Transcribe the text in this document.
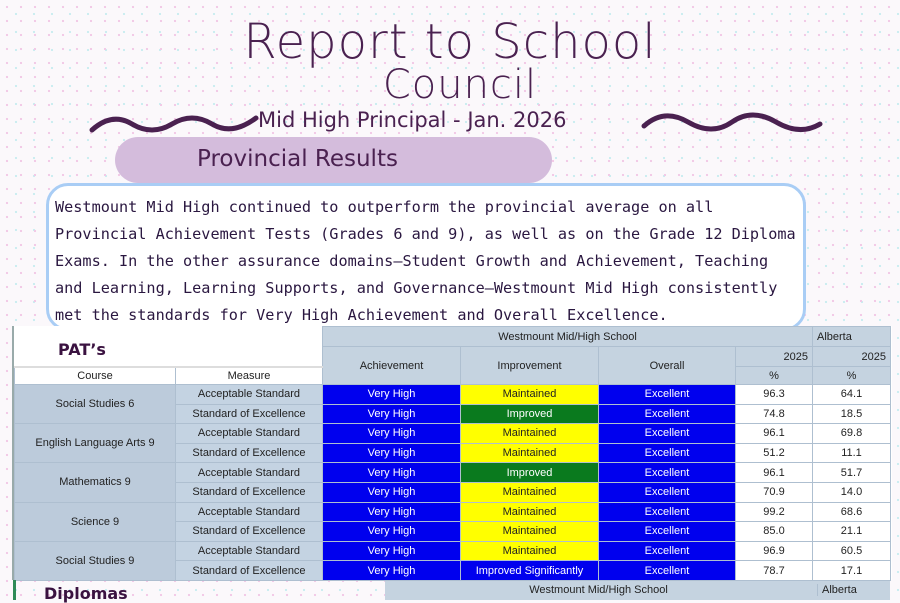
Report to School
Council
Mid High Principal - Jan. 2026
Provincial Results

Westmount Mid High continued to outperform the provincial average on all Provincial Achievement Tests (Grades 6 and 9), as well as on the Grade 12 Diploma Exams. In the other assurance domains—Student Growth and Achievement, Teaching and Learning, Learning Supports, and Governance—Westmount Mid High consistently met the standards for Very High Achievement and Overall Excellence.

		Westmount Mid/High School				Alberta
		Achievement	Improvement	Overall	2025	2025
Course	Measure				%	%
Social Studies 6	Acceptable Standard	Very High	Maintained	Excellent	96.3	64.1
	Standard of Excellence	Very High	Improved	Excellent	74.8	18.5
English Language Arts 9	Acceptable Standard	Very High	Maintained	Excellent	96.1	69.8
	Standard of Excellence	Very High	Maintained	Excellent	51.2	11.1
Mathematics 9	Acceptable Standard	Very High	Improved	Excellent	96.1	51.7
	Standard of Excellence	Very High	Maintained	Excellent	70.9	14.0
Science 9	Acceptable Standard	Very High	Maintained	Excellent	99.2	68.6
	Standard of Excellence	Very High	Maintained	Excellent	85.0	21.1
Social Studies 9	Acceptable Standard	Very High	Maintained	Excellent	96.9	60.5
	Standard of Excellence	Very High	Improved Significantly	Excellent	78.7	17.1
PAT’s
Diplomas	Westmount Mid/High School	Alberta
